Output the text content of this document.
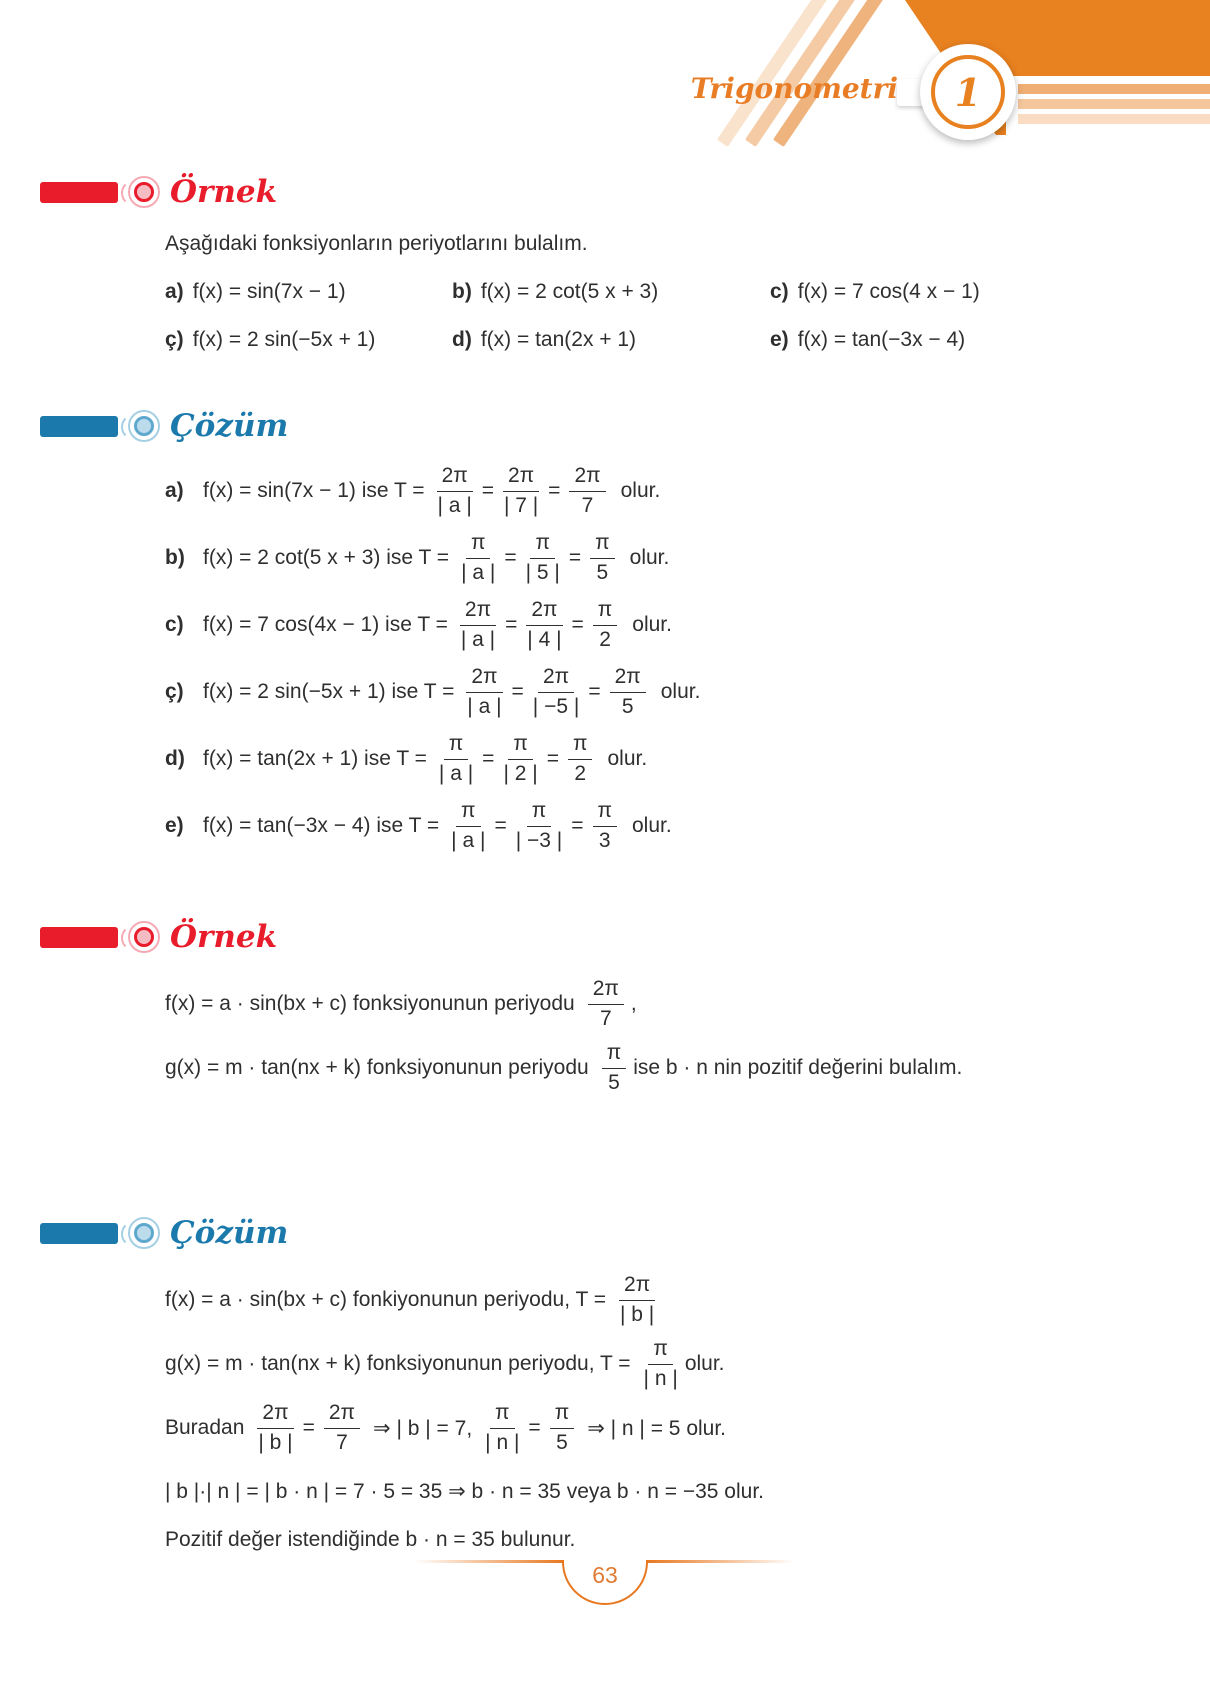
Trigonometri 1
Örnek

Aşağıdaki fonksiyonların periyotlarını bulalım.

a) f(x) = sin(7x − 1)	b) f(x) = 2 cot(5 x + 3)	c) f(x) = 7 cos(4 x − 1)
ç) f(x) = 2 sin(−5x + 1)	d) f(x) = tan(2x + 1)	e) f(x) = tan(−3x − 4)
Çözüm
a) f(x) = sin(7x − 1) ise $T = \frac{2\pi}{| a |} = \frac{2\pi}{| 7 |} = \frac{2\pi}{7}$ olur.
b) f(x) = 2 cot(5 x + 3) ise $T = \frac{\pi}{| a |} = \frac{\pi}{| 5 |} = \frac{\pi}{5}$ olur.
c) f(x) = 7 cos(4x − 1) ise $T = \frac{2\pi}{| a |} = \frac{2\pi}{| 4 |} = \frac{\pi}{2}$ olur.
ç) f(x) = 2 sin(−5x + 1) ise $T = \frac{2\pi}{| a |} = \frac{2\pi}{| -5 |} = \frac{2\pi}{5}$ olur.
d) f(x) = tan(2x + 1) ise $T = \frac{\pi}{| a |} = \frac{\pi}{| 2 |} = \frac{\pi}{2}$ olur.
e) f(x) = tan(−3x − 4) ise $T = \frac{\pi}{| a |} = \frac{\pi}{| -3 |} = \frac{\pi}{3}$ olur.
Örnek
f(x) = a · sin(bx + c) fonksiyonunun periyodu $\frac{2\pi}{7}$ ,
g(x) = m · tan(nx + k) fonksiyonunun periyodu $\frac{\pi}{5}$ ise b · n nin pozitif değerini bulalım.
Çözüm
f(x) = a · sin(bx + c) fonkiyonunun periyodu, $T = \frac{2\pi}{| b |}$
g(x) = m · tan(nx + k) fonksiyonunun periyodu, $T = \frac{\pi}{| n |}$ olur.
Buradan $\frac{2\pi}{| b |} = \frac{2\pi}{7}$ ⇒ | b | = 7, $\frac{\pi}{| n |} = \frac{\pi}{5}$ ⇒ | n | = 5 olur.

| b |·| n | = | b · n | = 7 · 5 = 35 ⇒ b · n = 35 veya b · n = −35 olur.

Pozitif değer istendiğinde b · n = 35 bulunur.

63
